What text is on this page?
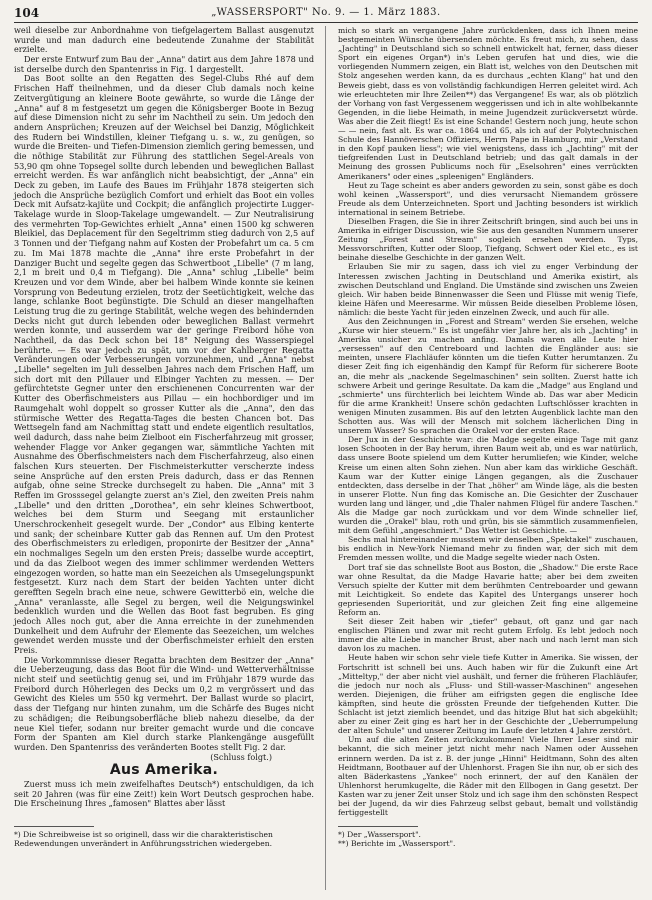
104	„WASSERSPORT" No. 9. — 1. März 1883.

weil dieselbe zur Anbordnahme von tiefgelagertem Ballast ausgenutzt wurde und man dadurch eine bedeutende Zunahme der Stabilität erzielte.

Der erste Entwurf zum Bau der „Anna" datirt aus dem Jahre 1878 und ist derselbe durch den Spantenriss in Fig. 1 dargestellt.

Das Boot sollte an den Regatten des Segel-Clubs Rhé auf dem Frischen Haff theilnehmen, und da dieser Club damals noch keine Zeitvergütigung an kleinere Boote gewährte, so wurde die Länge der „Anna" auf 8 m festgesetzt um gegen die Königsberger Boote in Bezug auf diese Dimension nicht zu sehr im Nachtheil zu sein. Um jedoch den andern Ansprüchen; Kreuzen auf der Weichsel bei Danzig, Möglichkeit des Rudern bei Windstillen, kleiner Tiefgang u. s. w., zu genügen, so wurde die Breiten- und Tiefen-Dimension ziemlich gering bemessen, und die nöthige Stabilität zur Führung des stattlichen Segel-Areals von 53,90 qm ohne Topsegel sollte durch lebenden und beweglichen Ballast erreicht werden. Es war anfänglich nicht beabsichtigt, der „Anna" ein Deck zu geben, im Laufe des Baues im Frühjahr 1878 steigerten sich jedoch die Ansprüche bezüglich Comfort und erhielt das Boot ein volles Deck mit Aufsatz-kajüte und Cockpit; die anfänglich projectirte Lugger-Takelage wurde in Sloop-Takelage umgewandelt. — Zur Neutralisirung des vermehrten Top-Gewichtes erhielt „Anna" einen 1500 kg schweren Bleikiel, das Deplacement für den Segeltrimm stieg dadurch von 2,5 auf 3 Tonnen und der Tiefgang nahm auf Kosten der Probefahrt um ca. 5 cm zu. Im Mai 1878 machte die „Anna" ihre erste Probefahrt in der Danziger Bucht und segelte gegen das Schwertboot „Libelle" (7 m lang, 2,1 m breit und 0,4 m Tiefgang). Die „Anna" schlug „Libelle" beim Kreuzen und vor dem Winde, aber bei halbem Winde konnte sie keinen Vorsprung von Bedeutung erzielen, trotz der Seetüchtigkeit, welche das lange, schlanke Boot begünstigte. Die Schuld an dieser mangelhaften Leistung trug die zu geringe Stabilität, welche wegen des behindernden Decks nicht gut durch lebenden oder beweglichen Ballast vermehrt werden konnte, und ausserdem war der geringe Freibord höhe von Nachtheil, da das Deck schon bei 18° Neigung des Wasserspiegel berührte. — Es war jedoch zu spät, um vor der Kahlberger Regatta Veränderungen oder Verbesserungen vorzunehmen, und „Anna" nebst „Libelle" segelten im Juli desselben Jahres nach dem Frischen Haff, um sich dort mit den Pillauer und Elbinger Yachten zu messen. — Der gefürchtetste Gegner unter den erschienenen Concurrenten war der Kutter des Oberfischmeisters aus Pillau — ein hochbordiger und im Raumgehalt wohl doppelt so grosser Kutter als die „Anna", den das stürmische Wetter des Regatta-Tages die besten Chancen bot. Das Wettsegeln fand am Nachmittag statt und endete eigentlich resultatlos, weil dadurch, dass nahe beim Zielboot ein Fischerfahrzeug mit grosser, wehender Flagge vor Anker gegangen war, sämmtliche Yachten mit Ausnahme des Oberfischmeisters nach dem Fischerfahrzeug, also einen falschen Kurs steuerten. Der Fischmeisterkutter verscherzte indess seine Ansprüche auf den ersten Preis dadurch, dass er das Rennen aufgab, ohne seine Strecke durchsegelt zu haben. Die „Anna" mit 3 Reffen im Grosssegel gelangte zuerst an's Ziel, den zweiten Preis nahm „Libelle" und den dritten „Dorothea", ein sehr kleines Schwertboot, welches bei dem Sturm und Seegang mit erstaunlicher Unerschrockenheit gesegelt wurde. Der „Condor" aus Elbing kenterte und sank; der scheinbare Kutter gab das Rennen auf. Um den Protest des Oberfischmeisters zu erledigen, proponirte der Besitzer der „Anna" ein nochmaliges Segeln um den ersten Preis; dasselbe wurde acceptirt, und da das Zielboot wegen des immer schlimmer werdenden Wetters eingezogen worden, so hatte man ein Seezeichen als Umsegelungspunkt festgesetzt. Kurz nach dem Start der beiden Yachten unter dicht gerefften Segeln brach eine neue, schwere Gewitterbö ein, welche die „Anna" veranlasste, alle Segel zu bergen, weil die Neigungswinkel bedenklich wurden und die Wellen das Boot fast begruben. Es ging jedoch Alles noch gut, aber die Anna erreichte in der zunehmenden Dunkelheit und dem Aufruhr der Elemente das Seezeichen, um welches gewendet werden musste und der Oberfischmeister erhielt den ersten Preis.

Die Vorkommnisse dieser Regatta brachten dem Besitzer der „Anna" die Ueberzeugung, dass das Boot für die Wind- und Wetterverhältnisse nicht steif und seetüchtig genug sei, und im Frühjahr 1879 wurde das Freibord durch Höherlegen des Decks um 0,2 m vergrössert und das Gewicht des Kieles um 550 kg vermehrt. Der Ballast wurde so placirt, dass der Tiefgang nur hinten zunahm, um die Schärfe des Buges nicht zu schädigen; die Reibungsoberfläche blieb nahezu dieselbe, da der neue Kiel tiefer, sodann nur breiter gemacht wurde und die concave Form der Spanten am Kiel durch starke Plankengänge ausgefüllt wurden. Den Spantenriss des veränderten Bootes stellt Fig. 2 dar.

(Schluss folgt.)
Aus Amerika.

Zuerst muss ich mein zweifelhaftes Deutsch*) entschuldigen, da ich seit 20 Jahren (was für eine Zeit!) kein Wort Deutsch gesprochen habe. Die Erscheinung Ihres „famosen" Blattes aber lässt

*) Die Schreibweise ist so originell, dass wir die charakteristischen Redewendungen unverändert in Anführungsstrichen wiedergeben.

mich so stark an vergangene Jahre zurückdenken, dass ich Ihnen meine bestgemeinten Wünsche übersenden möchte. Es freut mich, zu sehen, dass „Jachting" in Deutschland sich so schnell entwickelt hat, ferner, dass dieser Sport ein eigenes Organ*) in's Leben gerufen hat und dies, wie die vorliegenden Nummern zeigen, ein Blatt ist, welches von den Deutschen mit Stolz angesehen werden kann, da es durchaus „echten Klang" hat und den Beweis giebt, dass es von vollständig fachkundigen Herren geleitet wird. Ach wie erleuchteten mir Ihre Zeilen**) das Vergangene! Es war, als ob plötzlich der Vorhang von fast Vergessenem weggerissen und ich in alte wohlbekannte Gegenden, in die liebe Heimath, in meine Jugendzeit zurückversetzt würde. Was aber die Zeit fliegt! Es ist eine Schande! Gestern noch jung, heute schon — — nein, fast alt. Es war ca. 1864 und 65, als ich auf der Polytechnischen Schule des Hannöverschen Offiziers, Herrn Pape in Hamburg, mir „Verstand in den Kopf pauken liess"; wie viel wenigstens, dass ich „Jachting" mit der tiefgreifenden Lust in Deutschland betrieb; und das galt damals in der Meinung des grossen Publicums noch für „Eselsohren" eines verrückten Amerikaners" oder eines „spleenigen" Engländers.

Heut zu Tage scheint es aber anders geworden zu sein, sonst gäbe es doch wohl keinen „Wassersport", und dies verursacht Niemandem grössere Freude als dem Unterzeichneten. Sport und Jachting besonders ist wirklich international in seinem Betriebe.

Dieselben Fragen, die Sie in ihrer Zeitschrift bringen, sind auch bei uns in Amerika in eifriger Discussion, wie Sie aus den gesandten Nummern unserer Zeitung „Forest and Stream" sogleich ersehen werden. Typs, Messvorschriften, Kutter oder Sloop, Tiefgang, Schwert oder Kiel etc., es ist beinahe dieselbe Geschichte in der ganzen Welt.

Erlauben Sie mir zu sagen, dass ich viel zu enger Verbindung der Interessen zwischen Jachting in Deutschland und Amerika existirt, als zwischen Deutschland und England. Die Umstände sind zwischen uns Zweien gleich. Wir haben beide Binnenwasser die Seen und Flüsse mit wenig Tiefe, kleine Häfen und Meeresarme. Wir müssen Beide dieselben Probleme lösen, nämlich: die beste Yacht für jeden einzelnen Zweck, und auch für alle.

Aus den Zeichnungen in „Forest and Stream" werden Sie ersehen, welche „Kurse wir hier steuern." Es ist ungefähr vier Jahre her, als ich „Jachting" in Amerika unsicher zu machen anfing. Damals waren alle Leute hier „versessen" auf den Centreboard und lachten die Engländer aus: sie meinten, unsere Flachläufer könnten um die tiefen Kutter herumtanzen. Zu dieser Zeit fing ich eigenhändig den Kampf für Reform für sicherere Boote an, die mehr als „nackende Segelmaschinen" sein sollten. Zuerst hatte ich schwere Arbeit und geringe Resultate. Da kam die „Madge" aus England und „schmierte" uns fürchterlich bei leichtem Winde ab. Das war aber Medicin für die arme Krankheit! Unsere schön gedachten Luftschlösser krachten in wenigen Minuten zusammen. Bis auf den letzten Augenblick lachte man den Schotten aus. Was will der Mensch mit solchem lächerlichen Ding in unserem Wasser? So sprachen die Orakel vor der ersten Race.

Der Jux in der Geschichte war: die Madge segelte einige Tage mit ganz losen Schooten in der Bay herum, ihren Baum weit ab, und es war natürlich, dass unsere Boote spielend um dem Kutter herumliefen; wie Kinder, welche Kreise um einen alten Sohn ziehen. Nun aber kam das wirkliche Geschäft. Kaum war der Kutter einige Längen gegangen, als die Zuschauer entdeckten, dass derselbe in der That „höher" am Winde läge, als die besten in unserer Flotte. Nun fing das Komische an. Die Gesichter der Zuschauer wurden lang und länger, und „die Thaler nahmen Flügel für andere Taschen." Als die Madge gar noch zurückkam und vor dem Winde schneller lief, wurden die „Orakel" blau, roth und grün, bis sie sämmtlich zusammenfielen, mit dem Gefühl „angeschmiert." Das Wetter ist Geschichte. —

Sechs mal hintereinander musstem wir denselben „Spektakel" zuschauen, bis endlich in New-York Niemand mehr zu finden war, der sich mit dem Fremden messen wollte, und die Madge segelte wieder nach Osten.

Dort traf sie das schnellste Boot aus Boston, die „Shadow." Die erste Race war ohne Resultat, da die Madge Havarie hatte; aber bei dem zweiten Versuch spielte der Kutter mit dem berühmten Centreboarder und gewann mit Leichtigkeit. So endete das Kapitel des Untergangs unserer hoch gepriesenden Superiorität, und zur gleichen Zeit fing eine allgemeine Reform an.

Seit dieser Zeit haben wir „tiefer" gebaut, oft ganz und gar nach englischen Plänen und zwar mit recht gutem Erfolg. Es lebt jedoch noch immer die alte Liebe in mancher Brust, aber nach und nach lernt man sich davon los zu machen.

Heute haben wir schon sehr viele tiefe Kutter in Amerika. Sie wissen, der Fortschritt ist schnell bei uns. Auch haben wir für die Zukunft eine Art „Mitteltyp," der aber nicht viel aushält, und ferner die früheren Flachläufer, die jedoch nur noch als „Fluss- und Still-wasser-Maschinen" angesehen werden. Diejenigen, die früher am eifrigsten gegen die englische Idee kämpften, sind heute die grössten Freunde der tiefgehenden Kutter. Die Schlacht ist jetzt ziemlich beendet, und das hitzige Blut hat sich abgekühlt; aber zu einer Zeit ging es hart her in der Geschichte der „Ueberrumpelung der alten Schule" und unserer Zeitung im Laufe der letzten 4 Jahre zerstört.

Um auf die alten Zeiten zurückzukommen! Viele Ihrer Leser sind mir bekannt, die sich meiner jetzt nicht mehr nach Namen oder Aussehen erinnern werden. Da ist z. B. der junge „Hinni" Heidtmann, Sohn des alten Heidtmann, Bootbauer auf der Uhlenhorst. Fragen Sie ihn nur, ob er sich des alten Bäderkastens „Yankee" noch erinnert, der auf den Kanälen der Uhlenhorst herumkugelte, die Räder mit den Ellbogen in Gang gesetzt. Der Kasten war zu jener Zeit unser Stolz und ich sage ihm den schönsten Respect bei der Jugend, da wir dies Fahrzeug selbst gebaut, bemalt und vollständig fertiggestellt

*) Der „Wassersport".

**) Berichte im „Wassersport".
